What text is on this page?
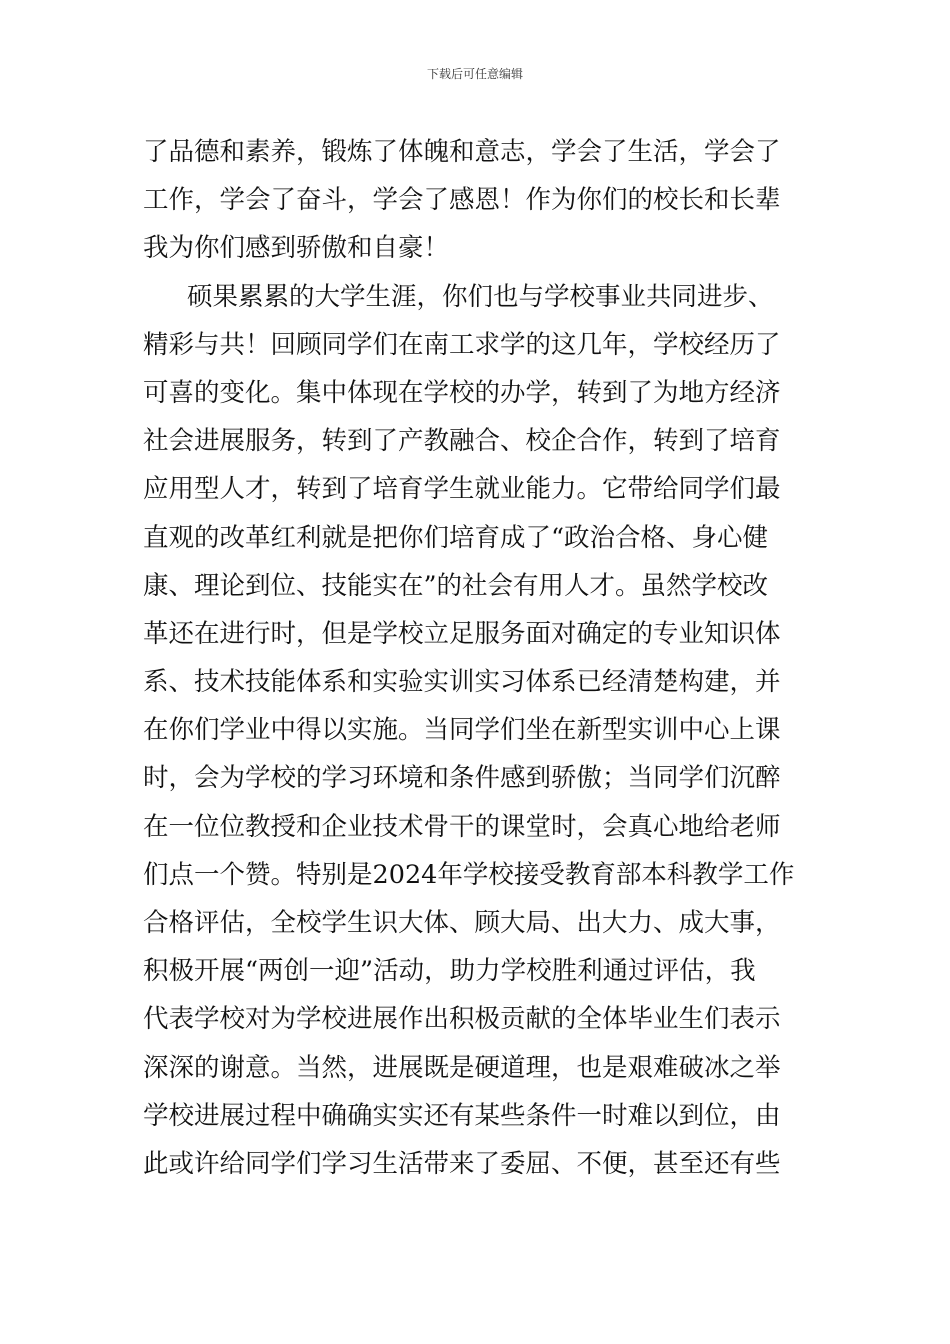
下载后可任意编辑
了品德和素养，锻炼了体魄和意志，学会了生活，学会了
工作，学会了奋斗，学会了感恩！作为你们的校长和长辈
我为你们感到骄傲和自豪！
硕果累累的大学生涯，你们也与学校事业共同进步、
精彩与共！回顾同学们在南工求学的这几年，学校经历了
可喜的变化。集中体现在学校的办学，转到了为地方经济
社会进展服务，转到了产教融合、校企合作，转到了培育
应用型人才，转到了培育学生就业能力。它带给同学们最
直观的改革红利就是把你们培育成了“政治合格、身心健
康、理论到位、技能实在”的社会有用人才。虽然学校改
革还在进行时，但是学校立足服务面对确定的专业知识体
系、技术技能体系和实验实训实习体系已经清楚构建，并
在你们学业中得以实施。当同学们坐在新型实训中心上课
时，会为学校的学习环境和条件感到骄傲；当同学们沉醉
在一位位教授和企业技术骨干的课堂时，会真心地给老师
们点一个赞。特别是2024年学校接受教育部本科教学工作
合格评估，全校学生识大体、顾大局、出大力、成大事，
积极开展“两创一迎”活动，助力学校胜利通过评估，我
代表学校对为学校进展作出积极贡献的全体毕业生们表示
深深的谢意。当然，进展既是硬道理，也是艰难破冰之举
学校进展过程中确确实实还有某些条件一时难以到位，由
此或许给同学们学习生活带来了委屈、不便，甚至还有些
